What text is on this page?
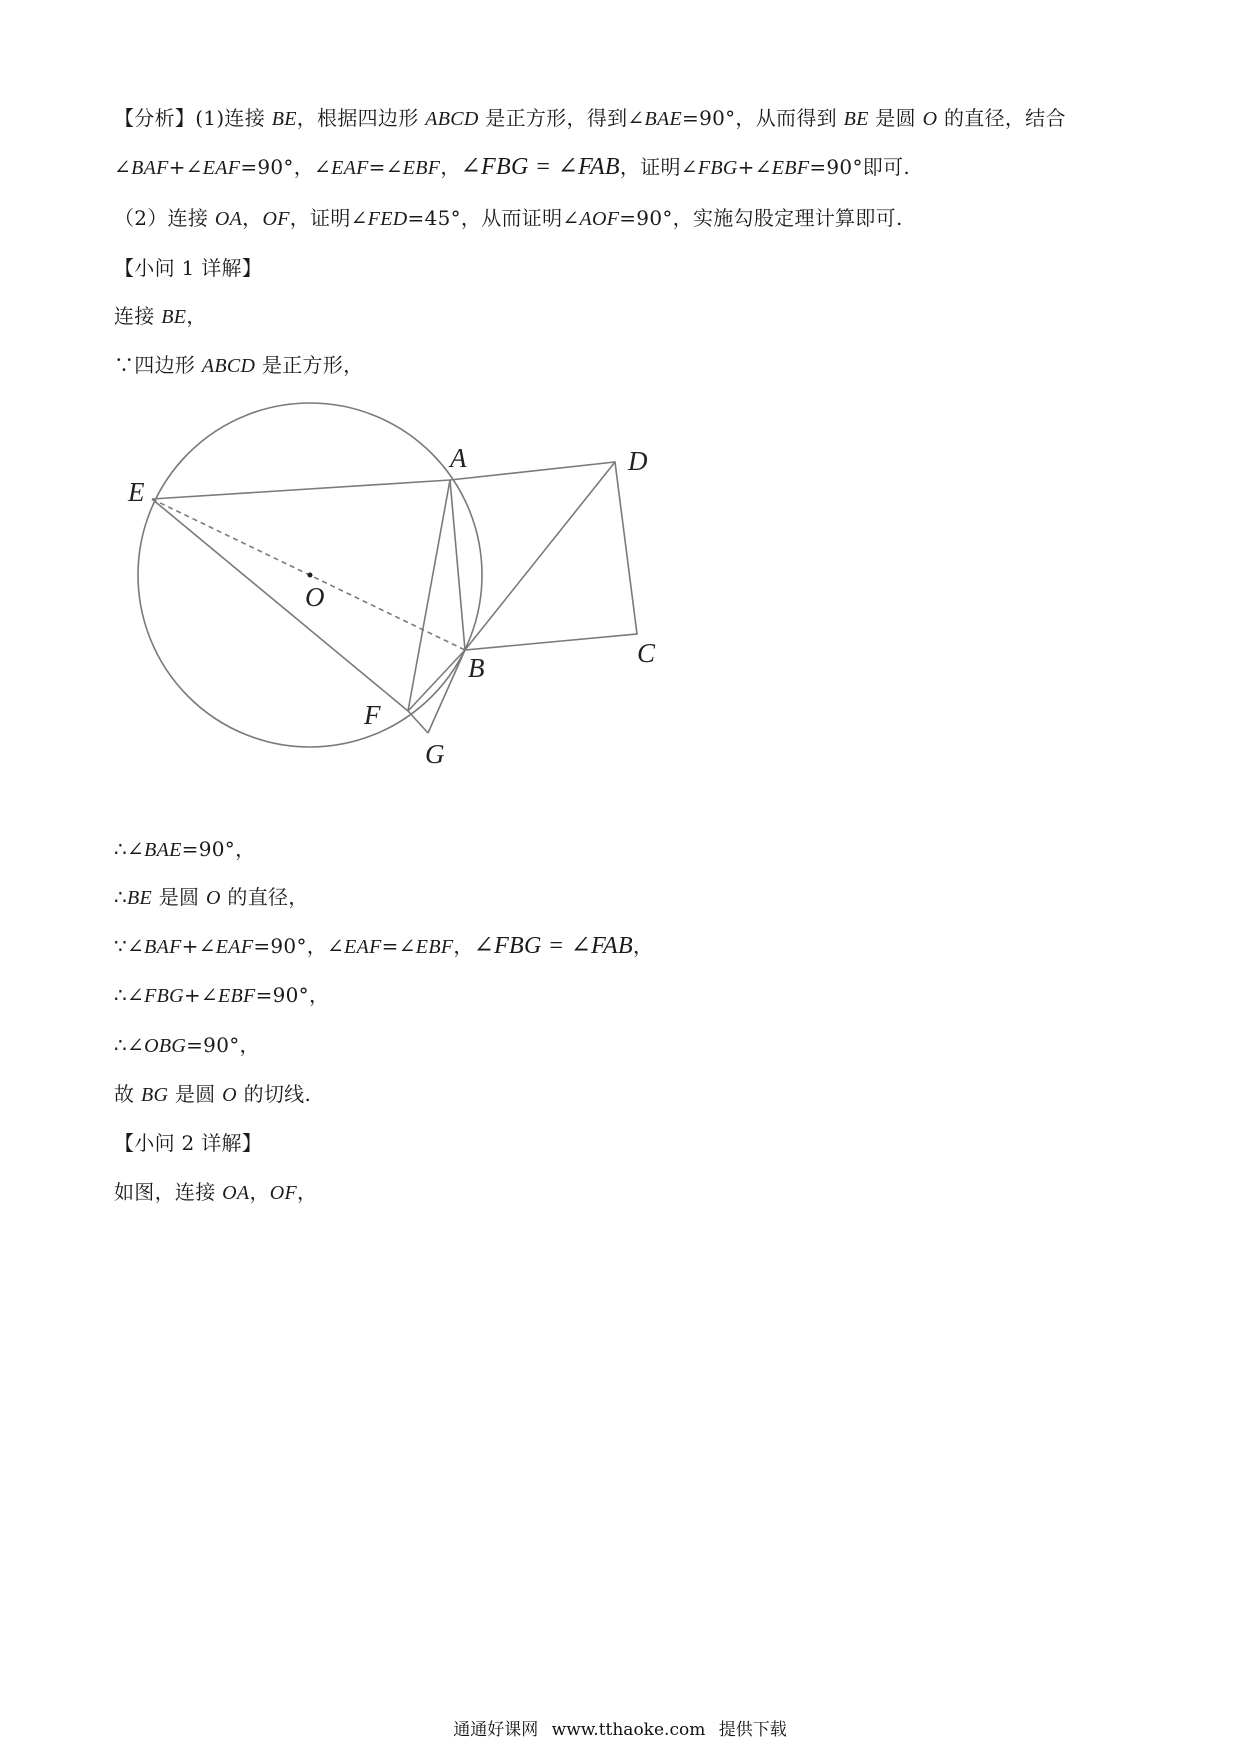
【分析】(1)连接 BE，根据四边形 ABCD 是正方形，得到∠BAE=90°，从而得到 BE 是圆 O 的直径，结合
∠BAF+∠EAF=90°，∠EAF=∠EBF，∠FBG = ∠FAB，证明∠FBG+∠EBF=90°即可.
（2）连接 OA，OF，证明∠FED=45°，从而证明∠AOF=90°，实施勾股定理计算即可.
【小问 1 详解】
连接 BE，
∵四边形 ABCD 是正方形，
A
B	C
D
E
F
G
O
∴∠BAE=90°，
∴BE 是圆 O 的直径，
∵∠BAF+∠EAF=90°，∠EAF=∠EBF，∠FBG = ∠FAB，
∴∠FBG+∠EBF=90°，
∴∠OBG=90°，
故 BG 是圆 O 的切线.
【小问 2 详解】
如图，连接 OA，OF，
通通好课网 www.tthaoke.com 提供下载
